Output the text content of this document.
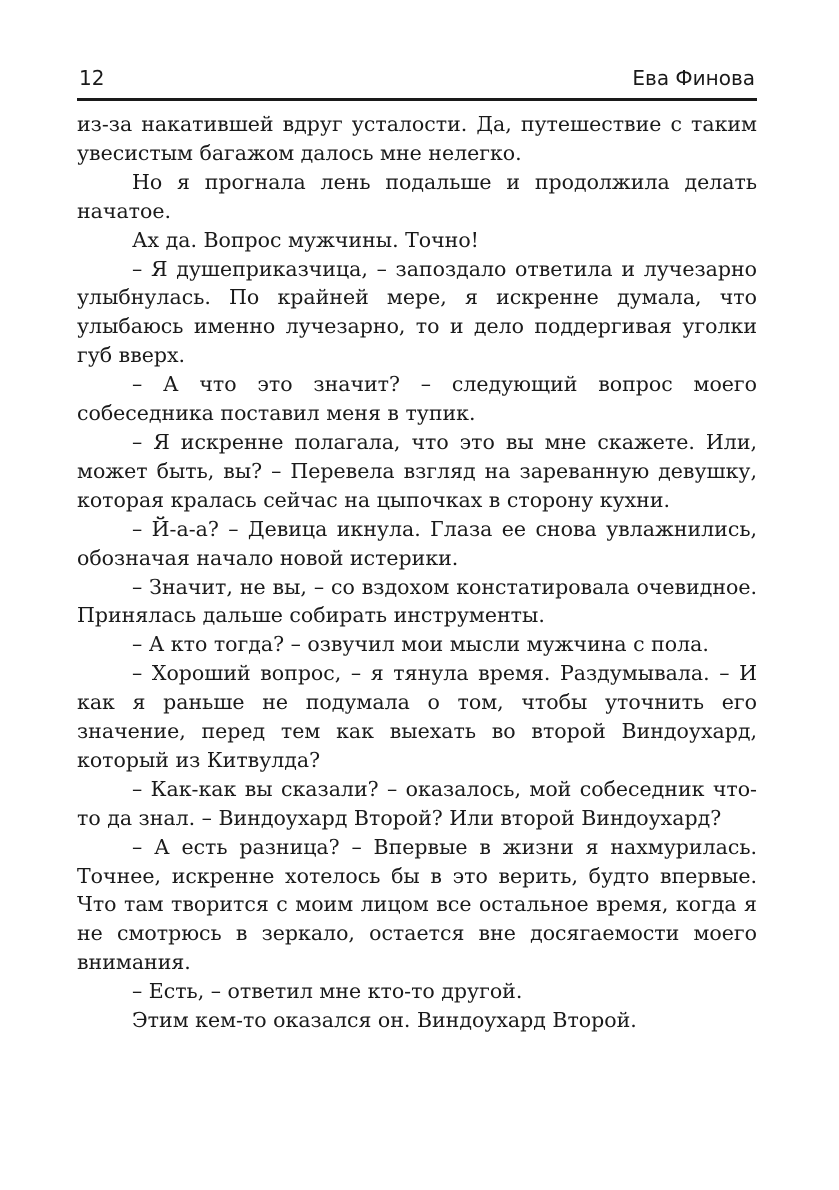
12	Ева Финова

из-за накатившей вдруг усталости. Да, путешествие с таким увесистым багажом далось мне нелегко.

Но я прогнала лень подальше и продолжила делать начатое.

Ах да. Вопрос мужчины. Точно!

– Я душеприказчица, – запоздало ответила и лучезарно улыбнулась. По крайней мере, я искренне думала, что улыбаюсь именно лучезарно, то и дело поддергивая уголки губ вверх.

– А что это значит? – следующий вопрос моего собеседника поставил меня в тупик.

– Я искренне полагала, что это вы мне скажете. Или, может быть, вы? – Перевела взгляд на зареванную девушку, которая кралась сейчас на цыпочках в сторону кухни.

– Й-а-а? – Девица икнула. Глаза ее снова увлажнились, обозначая начало новой истерики.

– Значит, не вы, – со вздохом констатировала очевидное. Принялась дальше собирать инструменты.

– А кто тогда? – озвучил мои мысли мужчина с пола.

– Хороший вопрос, – я тянула время. Раздумывала. – И как я раньше не подумала о том, чтобы уточнить его значение, перед тем как выехать во второй Виндоухард, который из Китвулда?

– Как-как вы сказали? – оказалось, мой собеседник что-то да знал. – Виндоухард Второй? Или второй Виндоухард?

– А есть разница? – Впервые в жизни я нахмурилась. Точнее, искренне хотелось бы в это верить, будто впервые. Что там творится с моим лицом все остальное время, когда я не смотрюсь в зеркало, остается вне досягаемости моего внимания.

– Есть, – ответил мне кто-то другой.

Этим кем-то оказался он. Виндоухард Второй.
